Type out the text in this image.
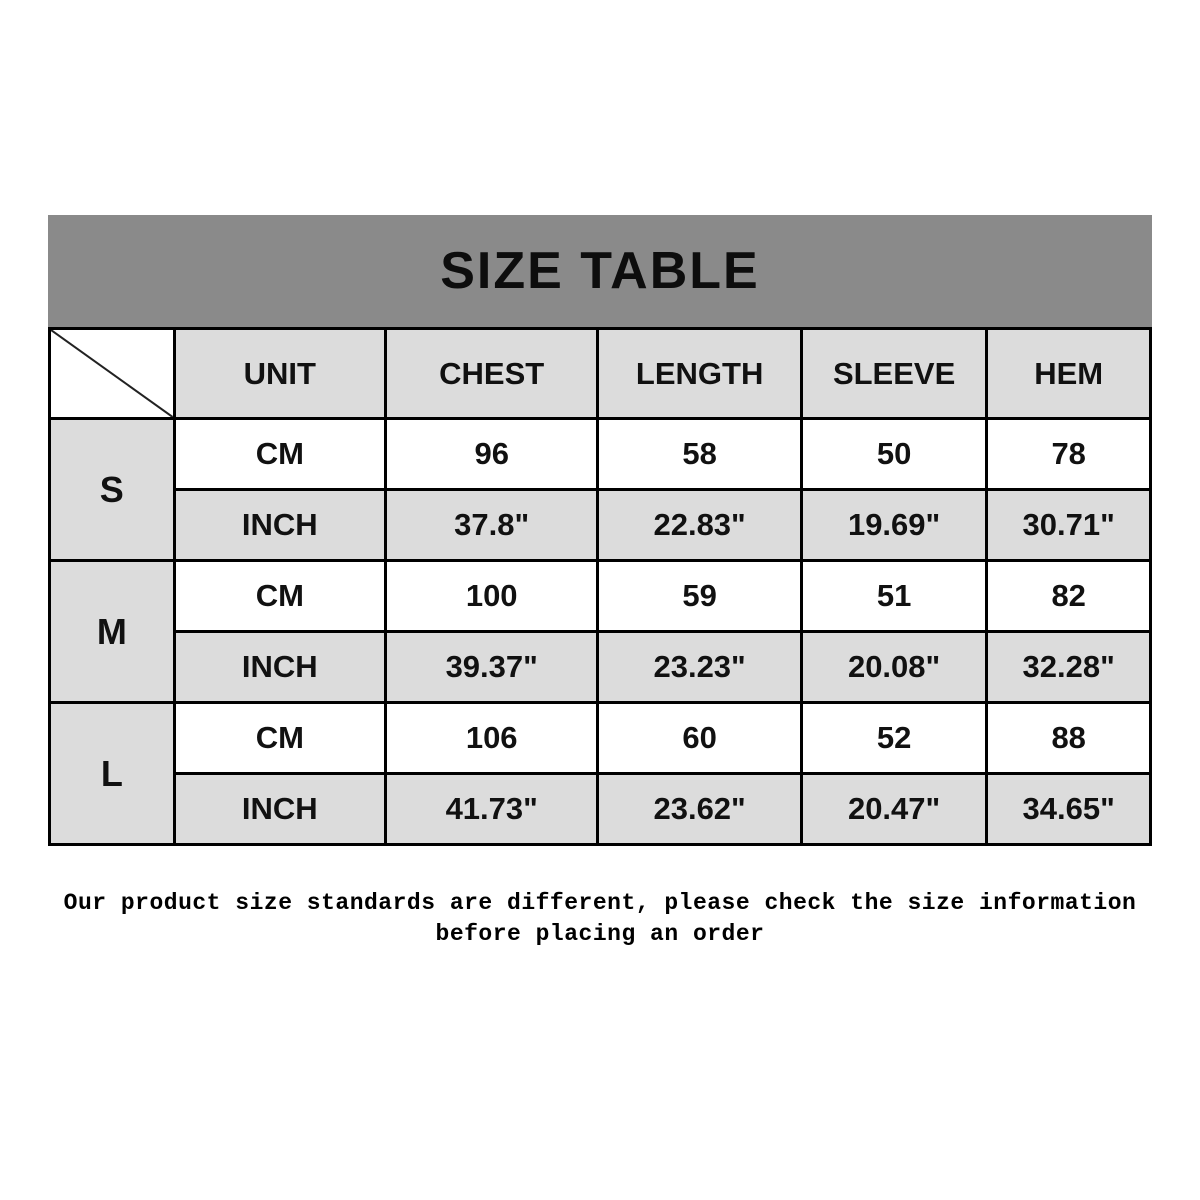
SIZE TABLE
	UNIT	CHEST	LENGTH	SLEEVE	HEM
S	CM	96	58	50	78
	INCH	37.8"	22.83"	19.69"	30.71"
M	CM	100	59	51	82
	INCH	39.37"	23.23"	20.08"	32.28"
L	CM	106	60	52	88
	INCH	41.73"	23.62"	20.47"	34.65"
Our product size standards are different, please check the size information
before placing an order
